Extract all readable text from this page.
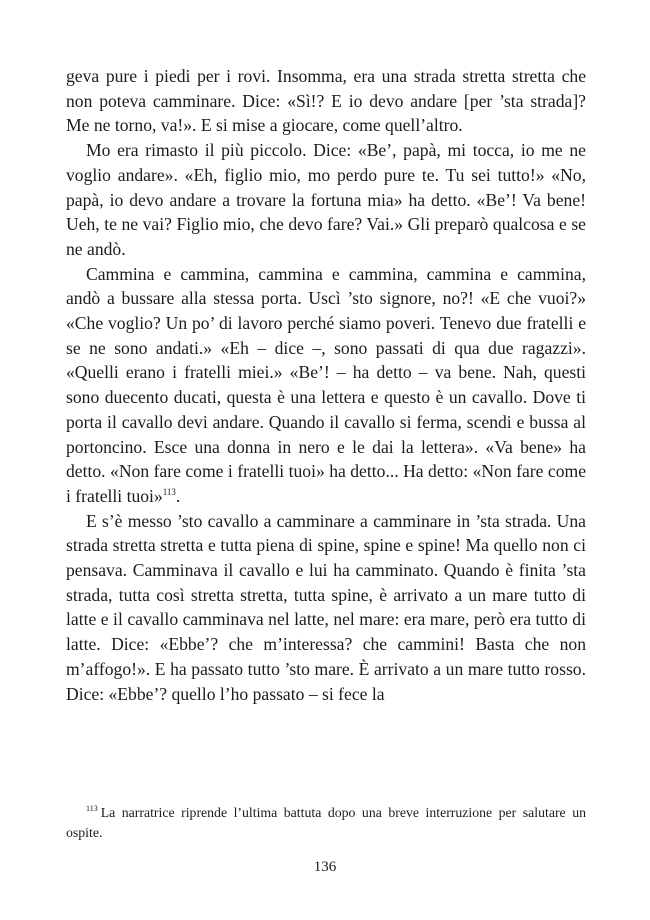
geva pure i piedi per i rovi. Insomma, era una strada stretta stretta che non poteva camminare. Dice: «Sì!? E io devo andare [per ’sta strada]? Me ne torno, va!». E si mise a giocare, come quell’altro.

Mo era rimasto il più piccolo. Dice: «Be’, papà, mi tocca, io me ne voglio andare». «Eh, figlio mio, mo perdo pure te. Tu sei tutto!» «No, papà, io devo andare a trovare la fortuna mia» ha detto. «Be’! Va bene! Ueh, te ne vai? Figlio mio, che devo fare? Vai.» Gli preparò qualcosa e se ne andò.

Cammina e cammina, cammina e cammina, cammina e cammina, andò a bussare alla stessa porta. Uscì ’sto signore, no?! «E che vuoi?» «Che voglio? Un po’ di lavoro perché siamo poveri. Tenevo due fratelli e se ne sono andati.» «Eh – dice –, sono passati di qua due ragazzi». «Quelli erano i fratelli miei.» «Be’! – ha detto – va bene. Nah, questi sono duecento ducati, questa è una lettera e questo è un cavallo. Dove ti porta il cavallo devi andare. Quando il cavallo si ferma, scendi e bussa al portoncino. Esce una donna in nero e le dai la lettera». «Va bene» ha detto. «Non fare come i fratelli tuoi» ha detto... Ha detto: «Non fare come i fratelli tuoi»$^{113}$.

E s’è messo ’sto cavallo a camminare a camminare in ’sta strada. Una strada stretta stretta e tutta piena di spine, spine e spine! Ma quello non ci pensava. Camminava il cavallo e lui ha camminato. Quando è finita ’sta strada, tutta così stretta stretta, tutta spine, è arrivato a un mare tutto di latte e il cavallo camminava nel latte, nel mare: era mare, però era tutto di latte. Dice: «Ebbe’? che m’interessa? che cammini! Basta che non m’affogo!». E ha passato tutto ’sto mare. È arrivato a un mare tutto rosso. Dice: «Ebbe’? quello l’ho passato – si fece la

$^{113}$ La narratrice riprende l’ultima battuta dopo una breve interruzione per salutare un ospite.

136
